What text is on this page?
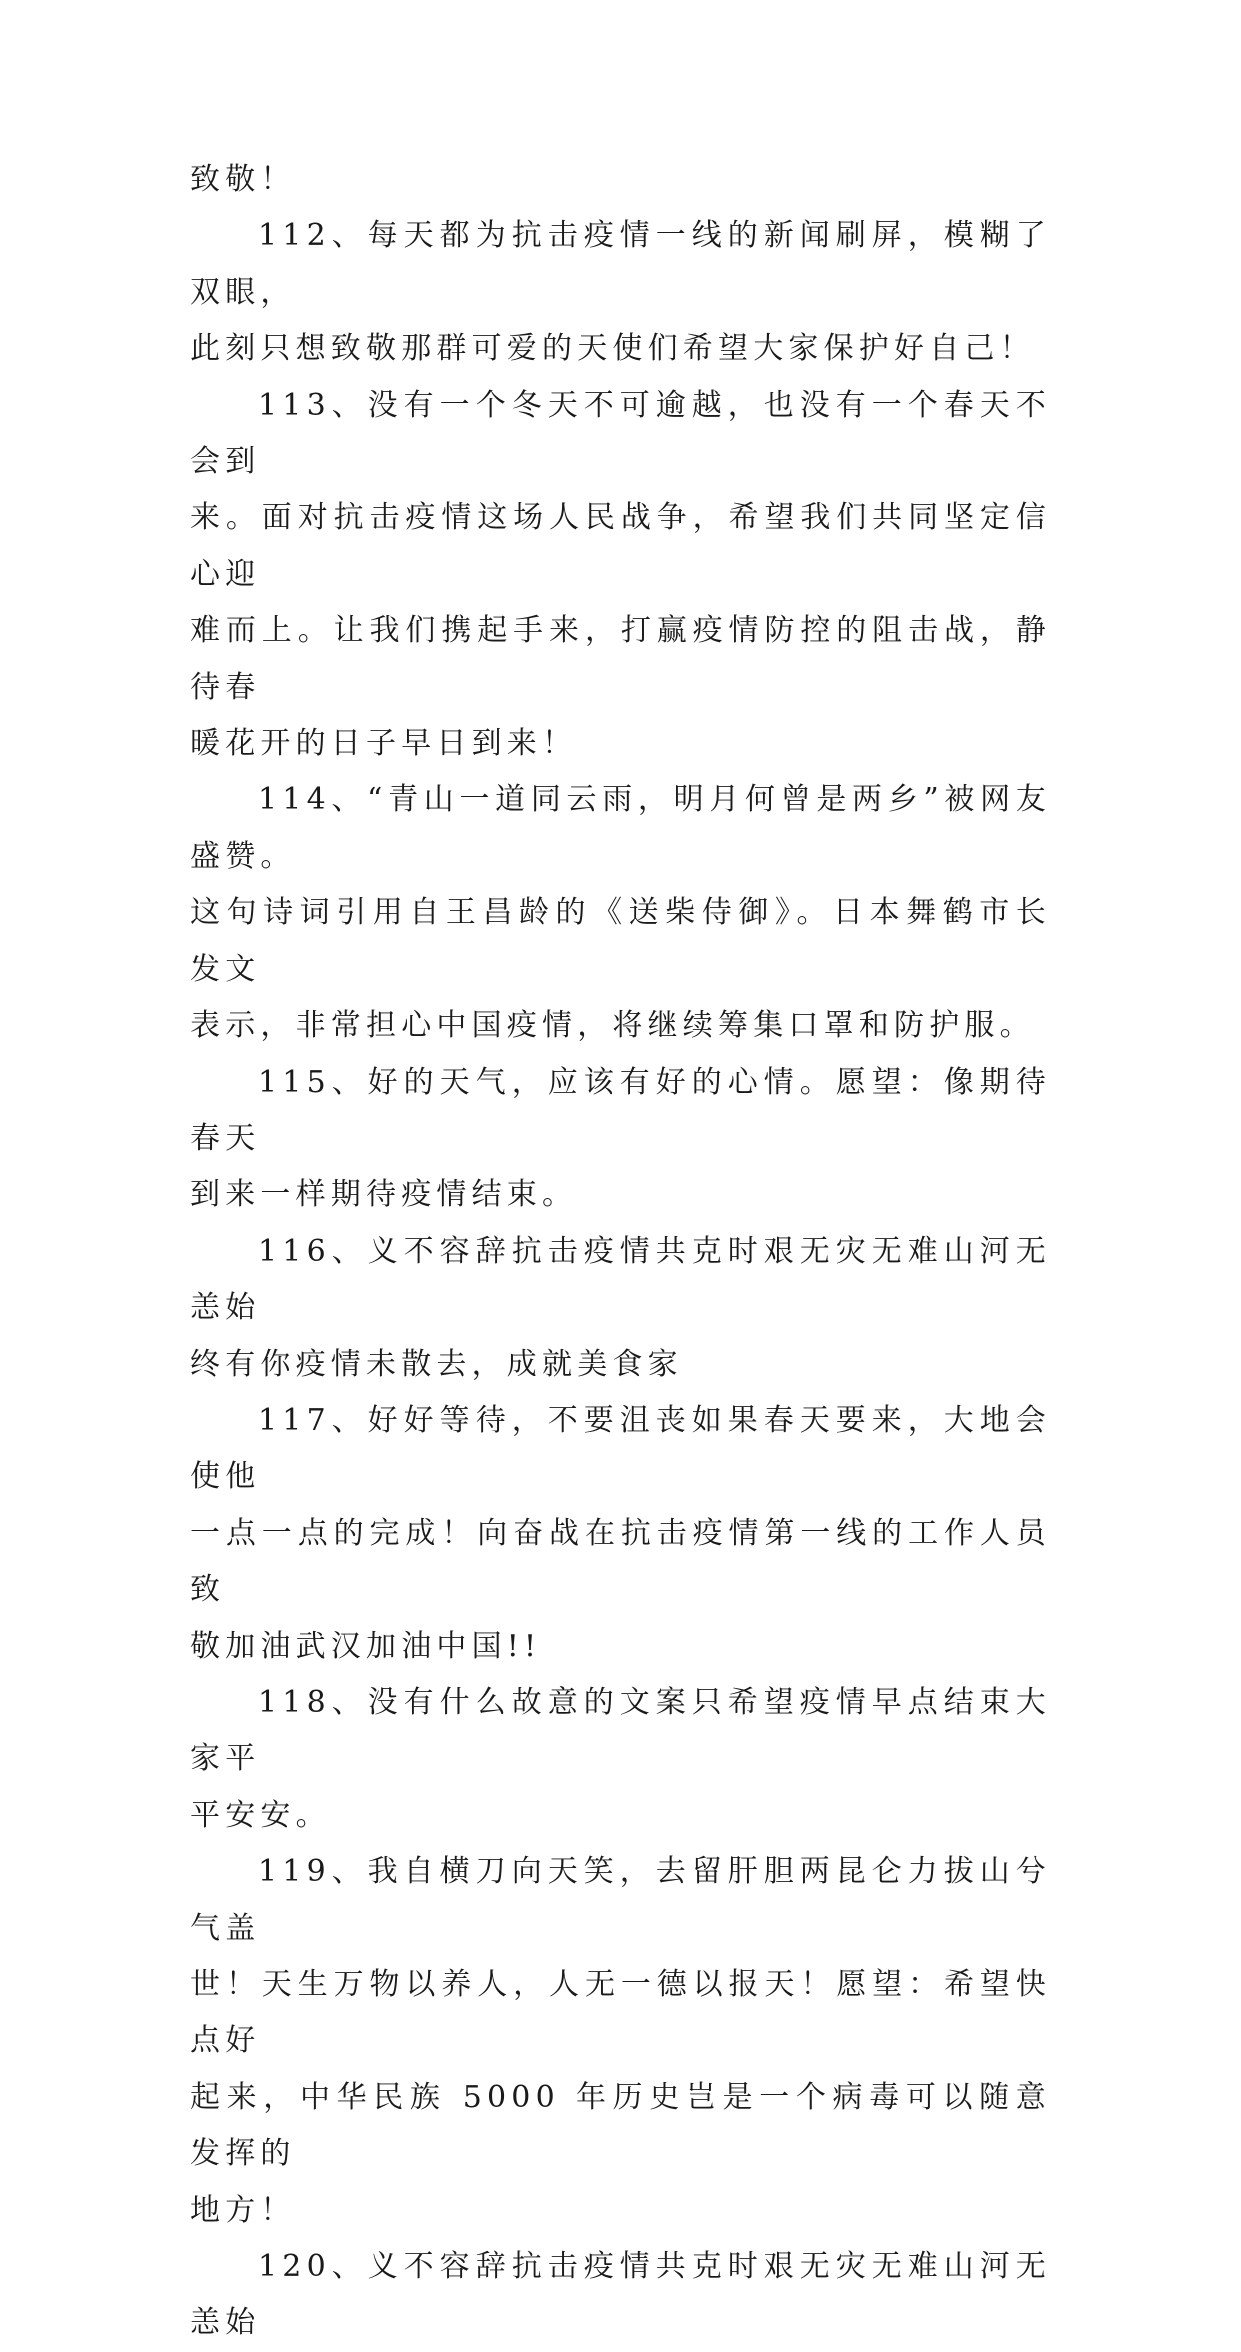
致敬！

112、每天都为抗击疫情一线的新闻刷屏，模糊了双眼，

此刻只想致敬那群可爱的天使们希望大家保护好自己！

113、没有一个冬天不可逾越，也没有一个春天不会到

来。面对抗击疫情这场人民战争，希望我们共同坚定信心迎

难而上。让我们携起手来，打赢疫情防控的阻击战，静待春

暖花开的日子早日到来！

114、“青山一道同云雨，明月何曾是两乡”被网友盛赞。

这句诗词引用自王昌龄的《送柴侍御》。日本舞鹤市长发文

表示，非常担心中国疫情，将继续筹集口罩和防护服。

115、好的天气，应该有好的心情。愿望：像期待春天

到来一样期待疫情结束。

116、义不容辞抗击疫情共克时艰无灾无难山河无恙始

终有你疫情未散去，成就美食家

117、好好等待，不要沮丧如果春天要来，大地会使他

一点一点的完成！向奋战在抗击疫情第一线的工作人员致

敬加油武汉加油中国!!

118、没有什么故意的文案只希望疫情早点结束大家平

平安安。

119、我自横刀向天笑，去留肝胆两昆仑力拔山兮气盖

世！天生万物以养人，人无一德以报天！愿望：希望快点好

起来，中华民族 5000 年历史岂是一个病毒可以随意发挥的

地方！

120、义不容辞抗击疫情共克时艰无灾无难山河无恙始
